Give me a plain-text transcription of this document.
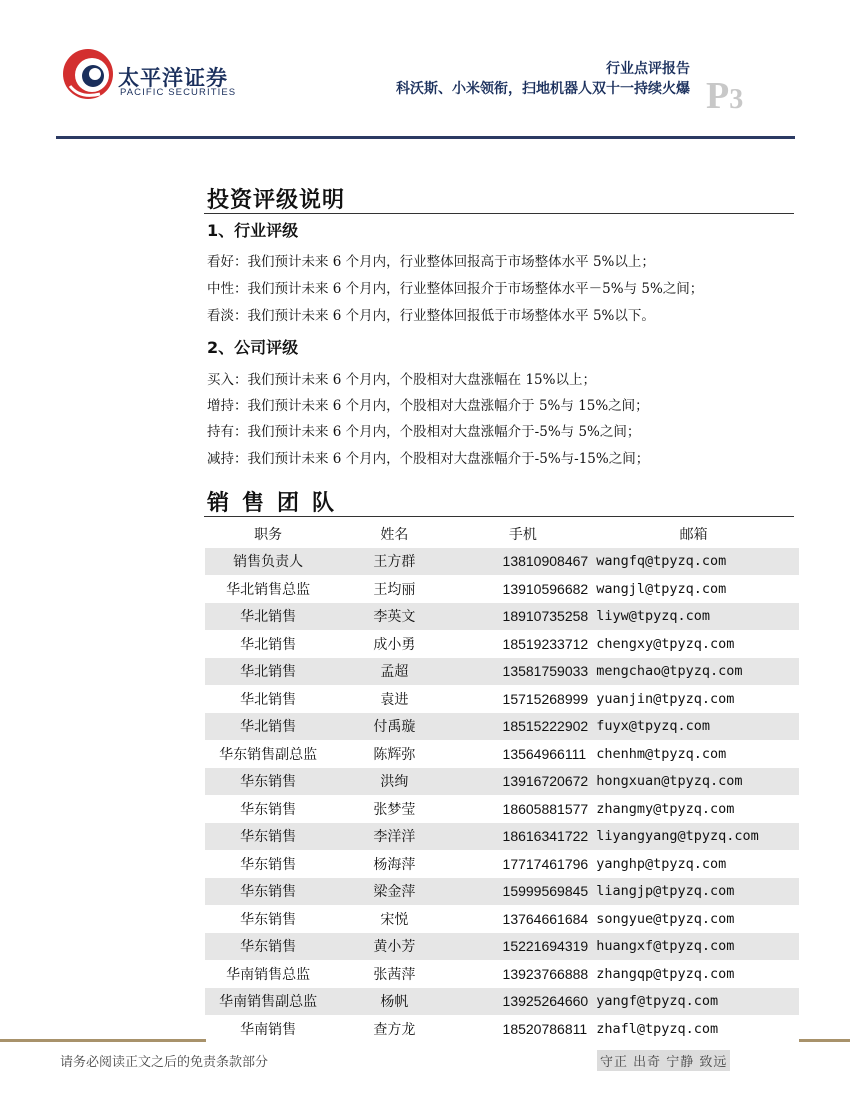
太平洋证券
PACIFIC SECURITIES
行业点评报告
科沃斯、小米领衔，扫地机器人双十一持续火爆 P3
投资评级说明
1、行业评级
看好：我们预计未来 6 个月内，行业整体回报高于市场整体水平 5%以上；
中性：我们预计未来 6 个月内，行业整体回报介于市场整体水平－5%与 5%之间；
看淡：我们预计未来 6 个月内，行业整体回报低于市场整体水平 5%以下。
2、公司评级
买入：我们预计未来 6 个月内，个股相对大盘涨幅在 15%以上；
增持：我们预计未来 6 个月内，个股相对大盘涨幅介于 5%与 15%之间；
持有：我们预计未来 6 个月内，个股相对大盘涨幅介于-5%与 5%之间；
减持：我们预计未来 6 个月内，个股相对大盘涨幅介于-5%与-15%之间；
销售团队
职务	姓名	手机	邮箱
销售负责人	王方群	13810908467	wangfq@tpyzq.com
华北销售总监	王均丽	13910596682	wangjl@tpyzq.com
华北销售	李英文	18910735258	liyw@tpyzq.com
华北销售	成小勇	18519233712	chengxy@tpyzq.com
华北销售	孟超	13581759033	mengchao@tpyzq.com
华北销售	袁进	15715268999	yuanjin@tpyzq.com
华北销售	付禹璇	18515222902	fuyx@tpyzq.com
华东销售副总监	陈辉弥	13564966111	chenhm@tpyzq.com
华东销售	洪绚	13916720672	hongxuan@tpyzq.com
华东销售	张梦莹	18605881577	zhangmy@tpyzq.com
华东销售	李洋洋	18616341722	liyangyang@tpyzq.com
华东销售	杨海萍	17717461796	yanghp@tpyzq.com
华东销售	梁金萍	15999569845	liangjp@tpyzq.com
华东销售	宋悦	13764661684	songyue@tpyzq.com
华东销售	黄小芳	15221694319	huangxf@tpyzq.com
华南销售总监	张茜萍	13923766888	zhangqp@tpyzq.com
华南销售副总监	杨帆	13925264660	yangf@tpyzq.com
华南销售	查方龙	18520786811	zhafl@tpyzq.com
请务必阅读正文之后的免责条款部分	守正 出奇 宁静 致远
